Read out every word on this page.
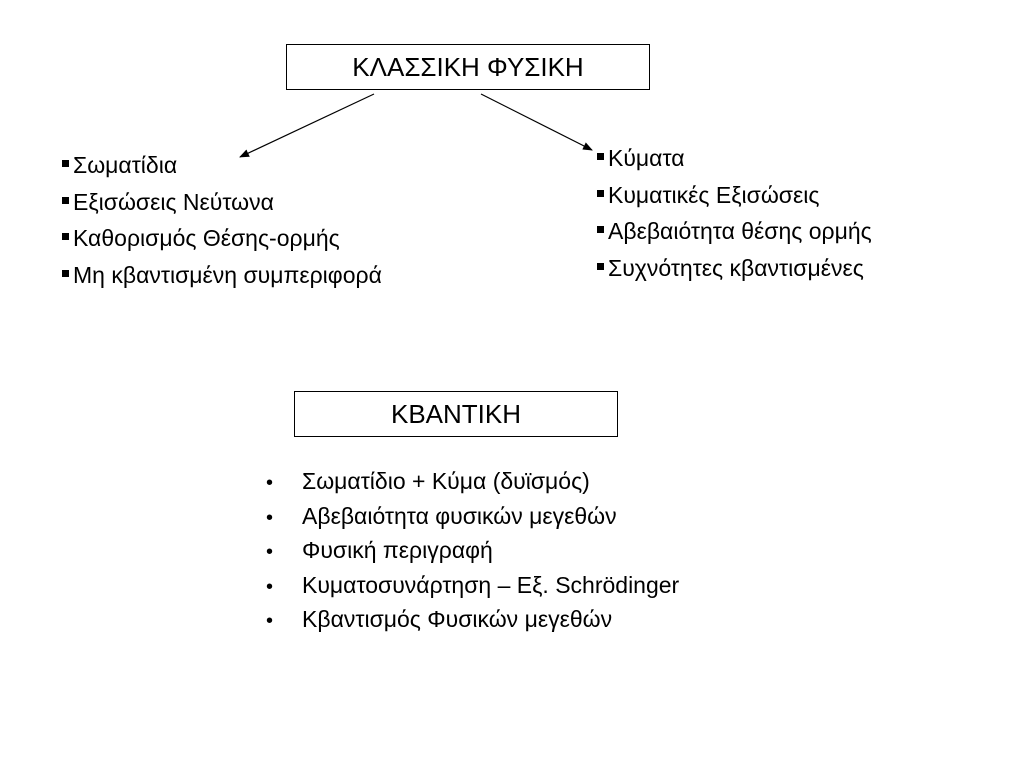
ΚΛΑΣΣΙΚΗ ΦΥΣΙΚΗ
Σωματίδια
Εξισώσεις Νεύτωνα
Καθορισμός Θέσης-ορμής
Μη κβαντισμένη συμπεριφορά
Κύματα
Κυματικές Εξισώσεις
Αβεβαιότητα θέσης ορμής
Συχνότητες κβαντισμένες
ΚΒΑΝΤΙΚΗ
• Σωματίδιο + Κύμα (δυϊσμός)
• Αβεβαιότητα φυσικών μεγεθών
• Φυσική περιγραφή
• Κυματοσυνάρτηση – Εξ. Schrödinger
• Κβαντισμός Φυσικών μεγεθών
